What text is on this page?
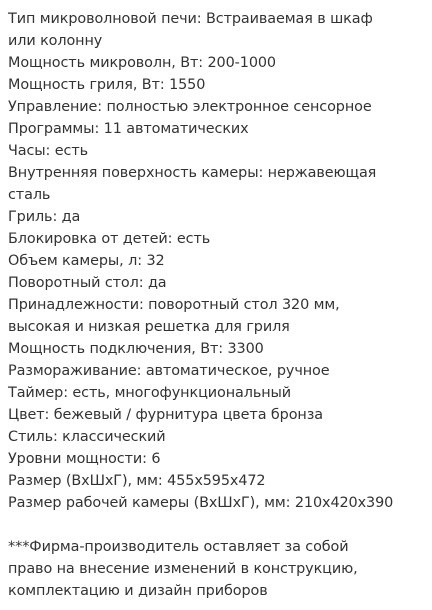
Тип микроволновой печи: Встраиваемая в шкаф
или колонну
Мощность микроволн, Вт: 200-1000
Мощность гриля, Вт: 1550
Управление: полностью электронное сенсорное
Программы: 11 автоматических
Часы: есть
Внутренняя поверхность камеры: нержавеющая
сталь
Гриль: да
Блокировка от детей: есть
Объем камеры, л: 32
Поворотный стол: да
Принадлежности: поворотный стол 320 мм,
высокая и низкая решетка для гриля
Мощность подключения, Вт: 3300
Размораживание: автоматическое, ручное
Таймер: есть, многофункциональный
Цвет: бежевый / фурнитура цвета бронза
Стиль: классический
Уровни мощности: 6
Размер (ВхШхГ), мм: 455x595x472
Размер рабочей камеры (ВхШхГ), мм: 210x420x390
***Фирма-производитель оставляет за собой
право на внесение изменений в конструкцию,
комплектацию и дизайн приборов
